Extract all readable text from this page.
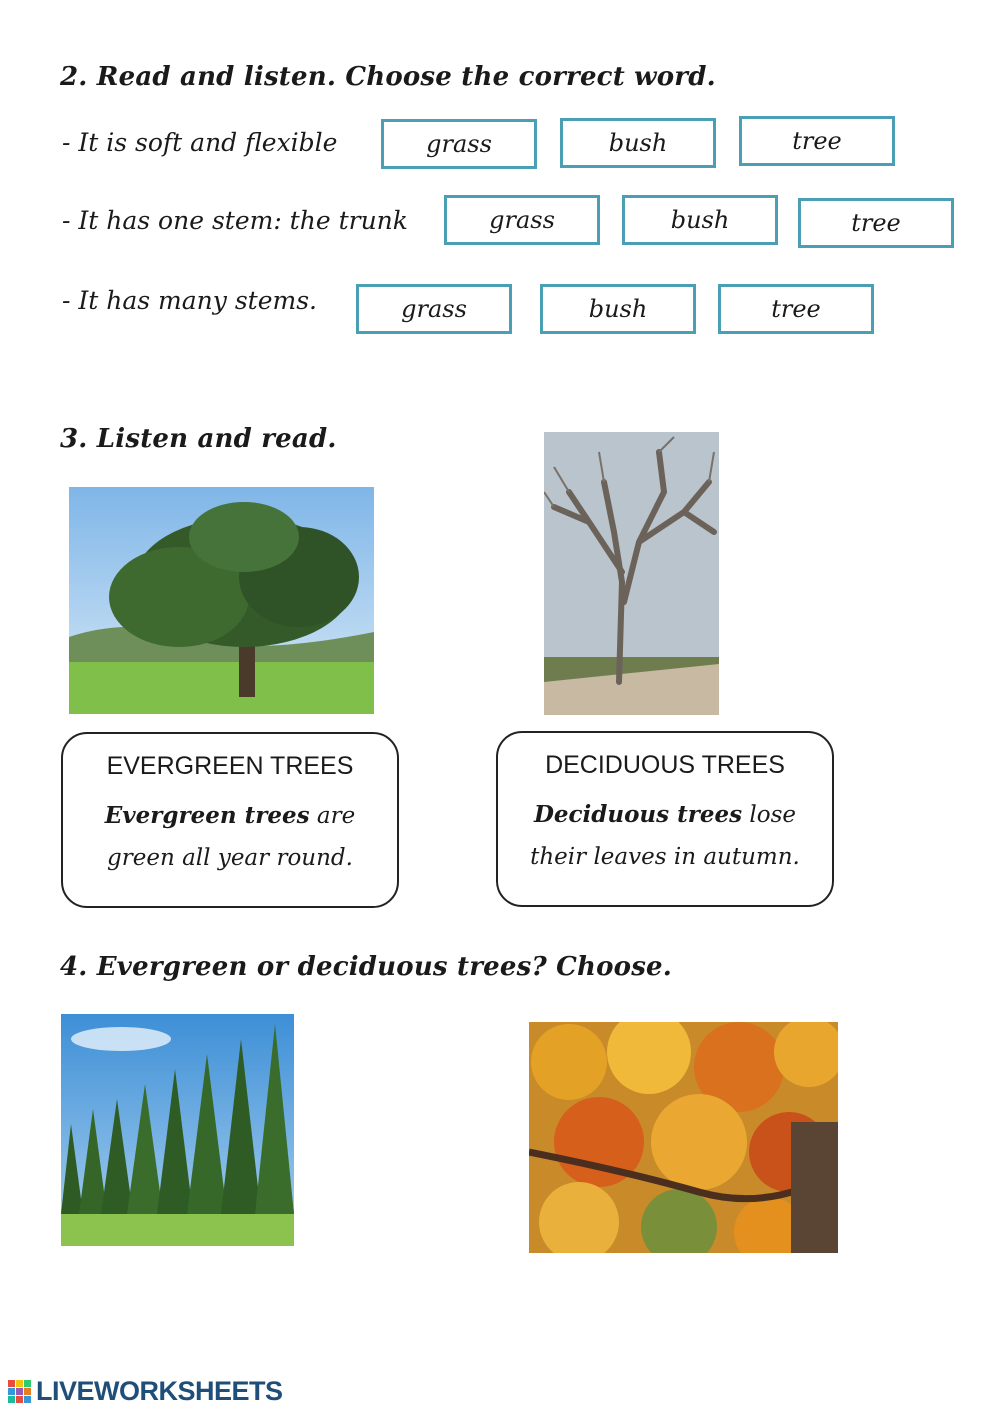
2. Read and listen. Choose the correct word.
- It is soft and flexible	grass	bush	tree
- It has one stem: the trunk	grass	bush	tree
- It has many stems.	grass	bush	tree
3. Listen and read.
EVERGREEN TREES
Evergreen trees are
green all year round.
DECIDUOUS TREES
Deciduous trees lose
their leaves in autumn.
4. Evergreen or deciduous trees? Choose.
LIVEWORKSHEETS
